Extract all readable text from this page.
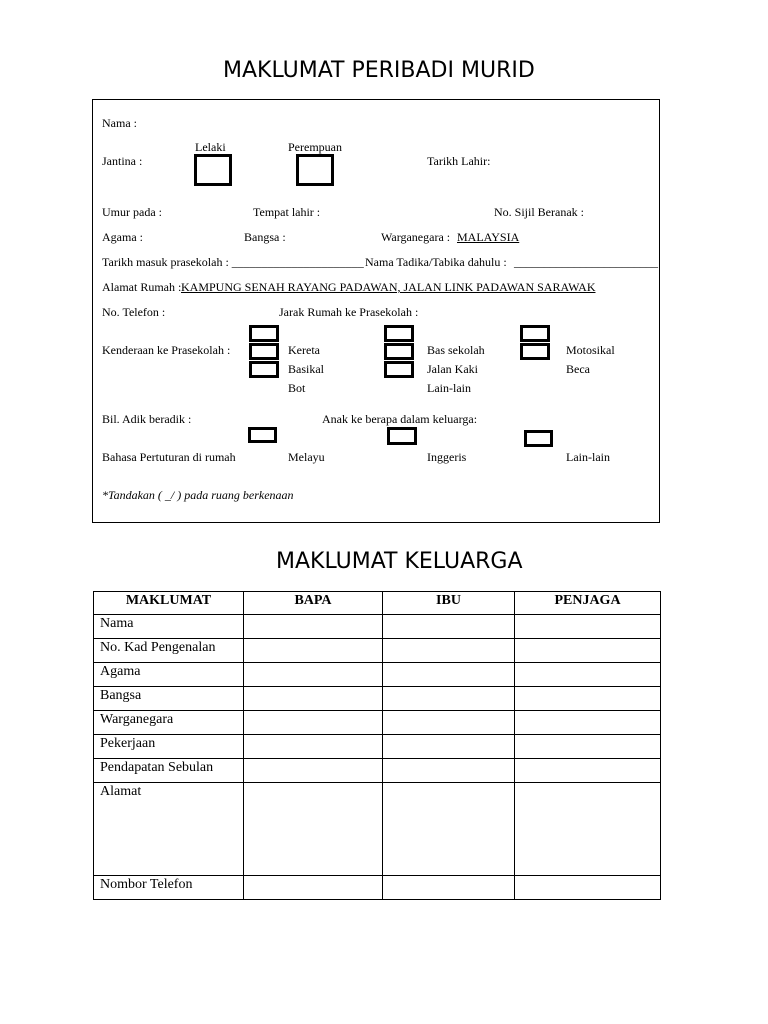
MAKLUMAT PERIBADI MURID
Nama :
Lelaki	Perempuan
Jantina :	Tarikh Lahir:
Umur pada :	Tempat lahir :	No. Sijil Beranak :
Agama :	Bangsa :	Warganegara : MALAYSIA
Tarikh masuk prasekolah : ______________________ Nama Tadika/Tabika dahulu : ________________________
Alamat Rumah : KAMPUNG SENAH RAYANG PADAWAN, JALAN LINK PADAWAN SARAWAK
No. Telefon :	Jarak Rumah ke Prasekolah :
Kenderaan ke Prasekolah :	Kereta
Basikal
Bot
Bas sekolah
Jalan Kaki
Lain-lain
Motosikal
Beca
Bil. Adik beradik :	Anak ke berapa dalam keluarga:
Bahasa Pertuturan di rumah	Melayu	Inggeris	Lain-lain
*Tandakan ( _/ ) pada ruang berkenaan
MAKLUMAT KELUARGA
MAKLUMAT	BAPA	IBU	PENJAGA
Nama			
No. Kad Pengenalan			
Agama			
Bangsa			
Warganegara			
Pekerjaan			
Pendapatan Sebulan			
Alamat			
Nombor Telefon			
